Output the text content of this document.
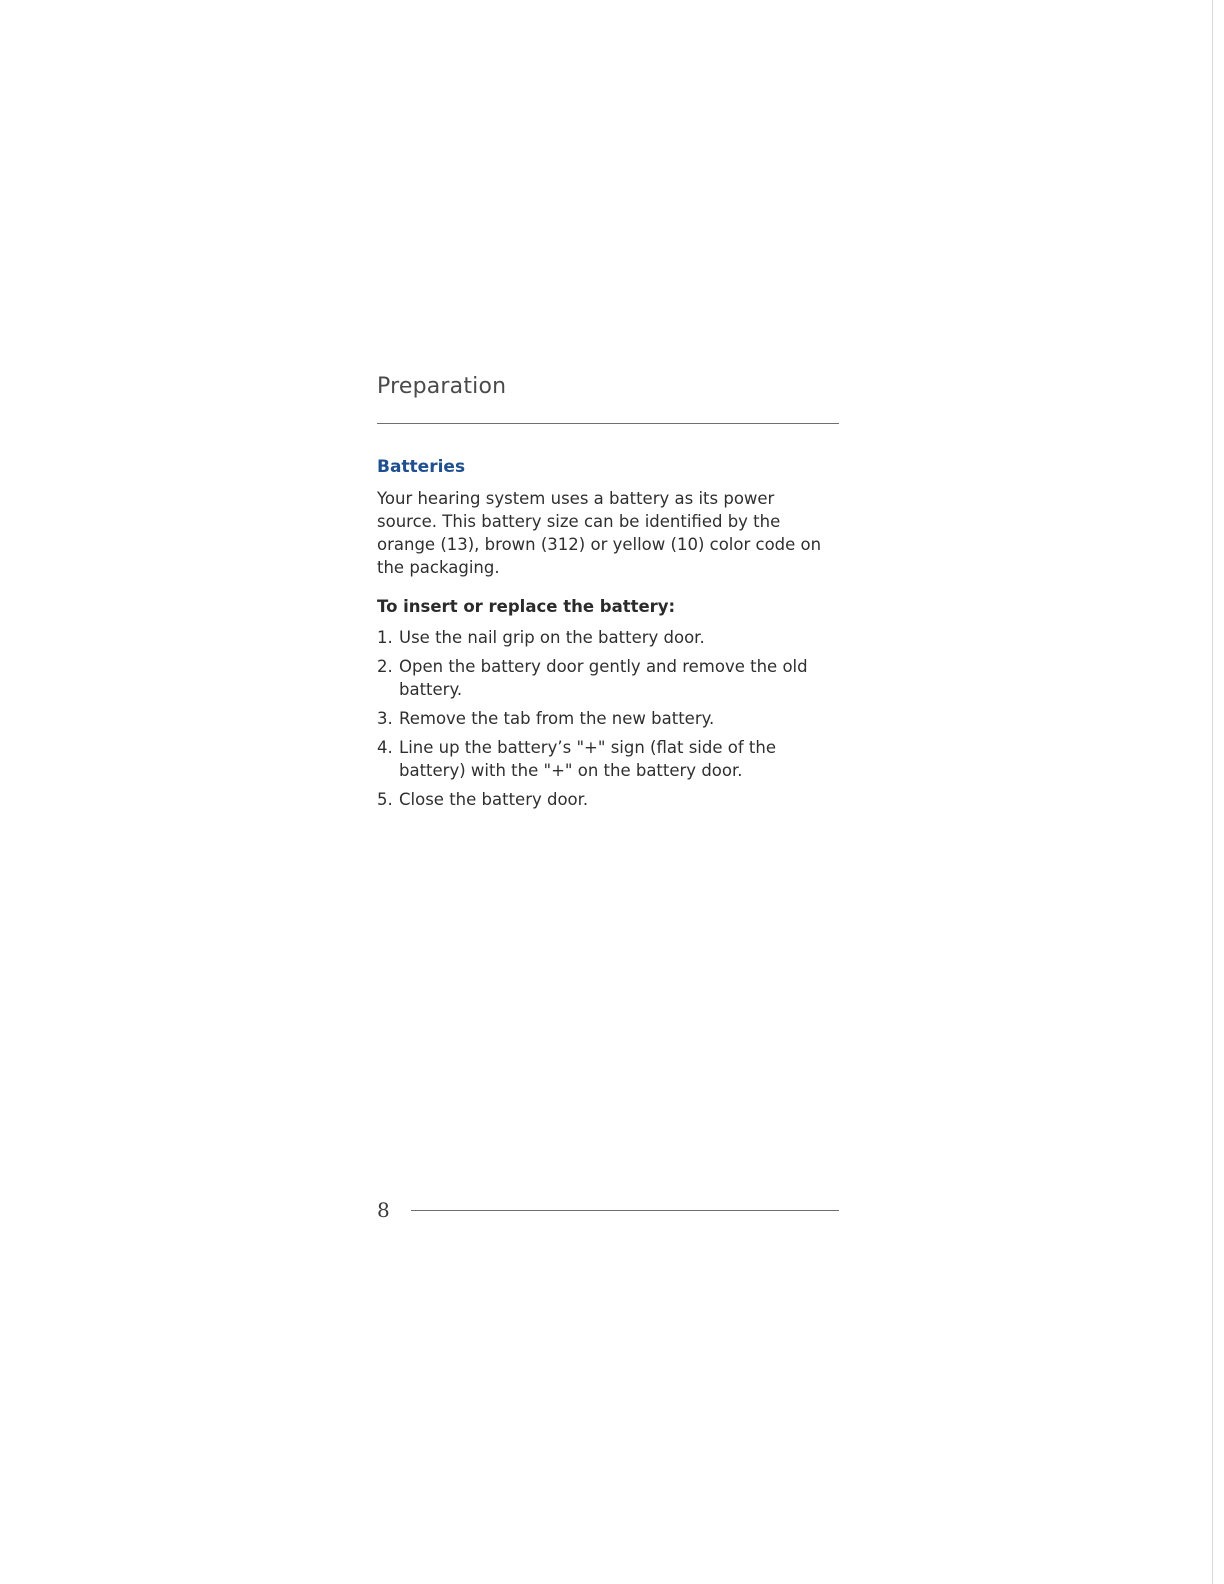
Preparation
Batteries

Your hearing system uses a battery as its power source. This battery size can be identified by the orange (13), brown (312) or yellow (10) color code on the packaging.

To insert or replace the battery:
1. Use the nail grip on the battery door.
2. Open the battery door gently and remove the old battery.
3. Remove the tab from the new battery.
4. Line up the battery’s "+" sign (flat side of the battery) with the "+" on the battery door.
5. Close the battery door.
8
